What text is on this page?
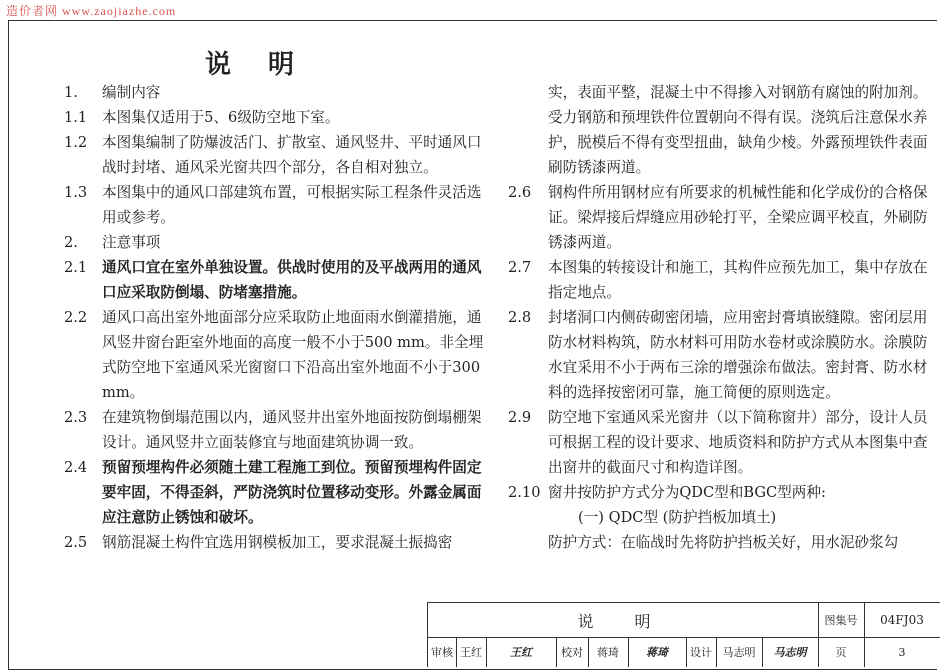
造价者网 www.zaojiazhe.com
说 明
1. 编制内容
1.1 本图集仅适用于5、6级防空地下室。
1.2 本图集编制了防爆波活门、扩散室、通风竖井、平时通风口战时封堵、通风采光窗共四个部分，各自相对独立。
1.3 本图集中的通风口部建筑布置，可根据实际工程条件灵活选用或参考。
2. 注意事项
2.1 通风口宜在室外单独设置。供战时使用的及平战两用的通风口应采取防倒塌、防堵塞措施。
2.2 通风口高出室外地面部分应采取防止地面雨水倒灌措施，通风竖井窗台距室外地面的高度一般不小于500 mm。非全埋式防空地下室通风采光窗窗口下沿高出室外地面不小于300 mm。
2.3 在建筑物倒塌范围以内，通风竖井出室外地面按防倒塌棚架设计。通风竖井立面装修宜与地面建筑协调一致。
2.4 预留预埋构件必须随土建工程施工到位。预留预埋构件固定要牢固，不得歪斜，严防浇筑时位置移动变形。外露金属面应注意防止锈蚀和破坏。
2.5 钢筋混凝土构件宜选用钢模板加工，要求混凝土振捣密
实，表面平整，混凝土中不得掺入对钢筋有腐蚀的附加剂。受力钢筋和预埋铁件位置朝向不得有误。浇筑后注意保水养护，脱模后不得有变型扭曲，缺角少棱。外露预埋铁件表面刷防锈漆两道。
2.6 钢构件所用钢材应有所要求的机械性能和化学成份的合格保证。梁焊接后焊缝应用砂轮打平，全梁应调平校直，外刷防锈漆两道。
2.7 本图集的转接设计和施工，其构件应预先加工，集中存放在指定地点。
2.8 封堵洞口内侧砖砌密闭墙，应用密封膏填嵌缝隙。密闭层用防水材料构筑，防水材料可用防水卷材或涂膜防水。涂膜防水宜采用不小于两布三涂的增强涂布做法。密封膏、防水材料的选择按密闭可靠，施工简便的原则选定。
2.9 防空地下室通风采光窗井（以下简称窗井）部分，设计人员可根据工程的设计要求、地质资料和防护方式从本图集中查出窗井的截面尺寸和构造详图。
2.10 窗井按防护方式分为QDC型和BGC型两种:
(一) QDC型 (防护挡板加填土)
防护方式：在临战时先将防护挡板关好，用水泥砂浆勾
说 明	图集号	04FJ03
审核 王红	王红	校对	蒋琦	蒋琦	设计 马志明	马志明	页	3
